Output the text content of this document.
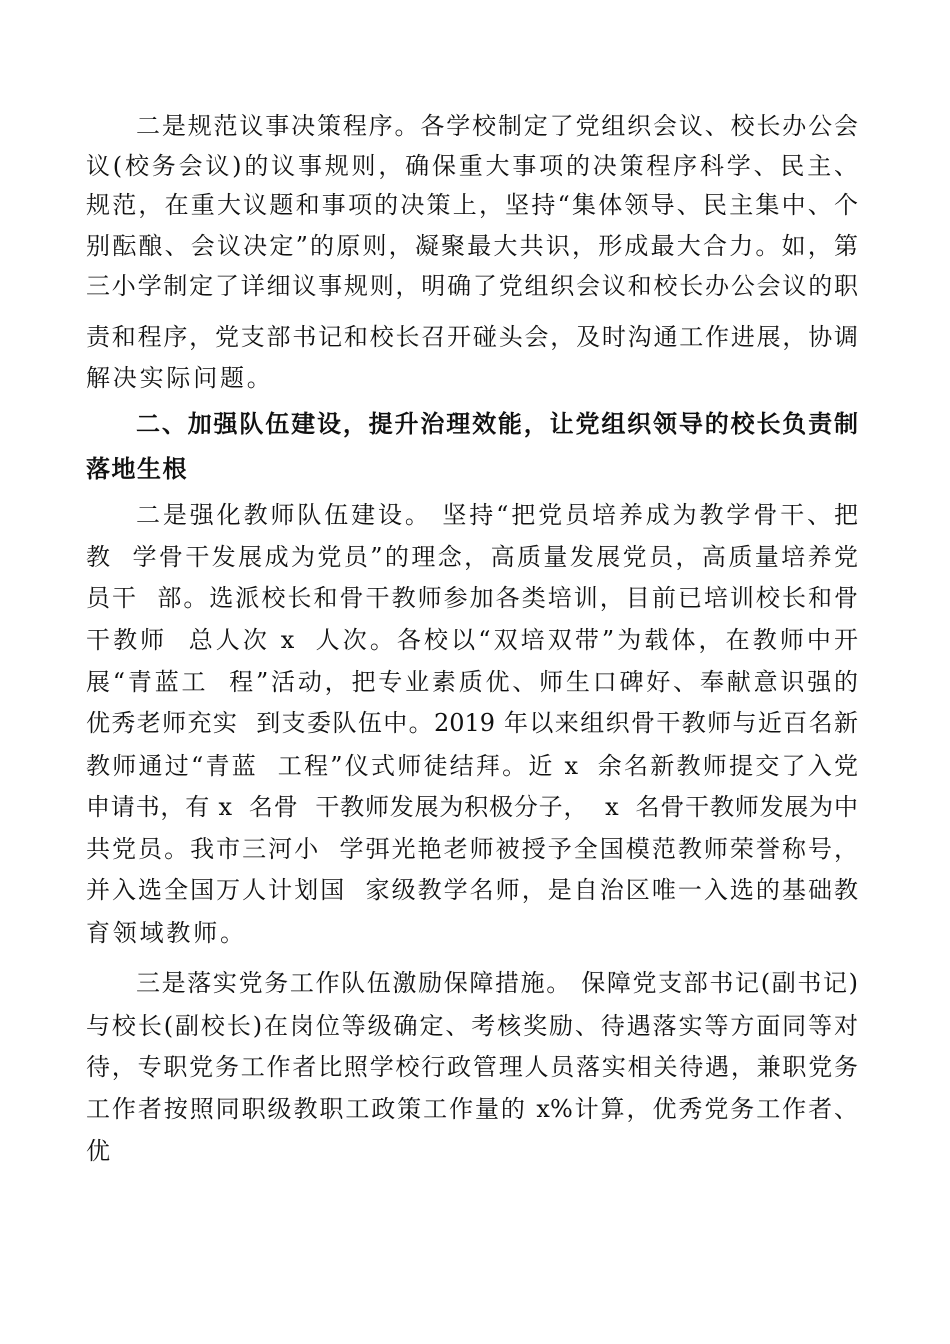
二是规范议事决策程序。各学校制定了党组织会议、校长办公会

议(校务会议)的议事规则，确保重大事项的决策程序科学、民主、

规范，在重大议题和事项的决策上，坚持“集体领导、民主集中、个

别酝酿、会议决定”的原则，凝聚最大共识，形成最大合力。如，第

三小学制定了详细议事规则，明确了党组织会议和校长办公会议的职

责和程序，党支部书记和校长召开碰头会，及时沟通工作进展，协调

解决实际问题。

二、加强队伍建设，提升治理效能，让党组织领导的校长负责制

落地生根

二是强化教师队伍建设。 坚持“把党员培养成为教学骨干、把

教  学骨干发展成为党员”的理念，高质量发展党员，高质量培养党

员干  部。选派校长和骨干教师参加各类培训，目前已培训校长和骨

干教师  总人次 x  人次。各校以“双培双带”为载体，在教师中开

展“青蓝工  程”活动，把专业素质优、师生口碑好、奉献意识强的

优秀老师充实  到支委队伍中。2019 年以来组织骨干教师与近百名新

教师通过“青蓝  工程”仪式师徒结拜。近 x  余名新教师提交了入党

申请书，有 x  名骨  干教师发展为积极分子，  x  名骨干教师发展为中

共党员。我市三河小  学弭光艳老师被授予全国模范教师荣誉称号，

并入选全国万人计划国  家级教学名师，是自治区唯一入选的基础教

育领域教师。

三是落实党务工作队伍激励保障措施。 保障党支部书记(副书记)

与校长(副校长)在岗位等级确定、考核奖励、待遇落实等方面同等对

待，专职党务工作者比照学校行政管理人员落实相关待遇，兼职党务

工作者按照同职级教职工政策工作量的 x%计算，优秀党务工作者、

优
